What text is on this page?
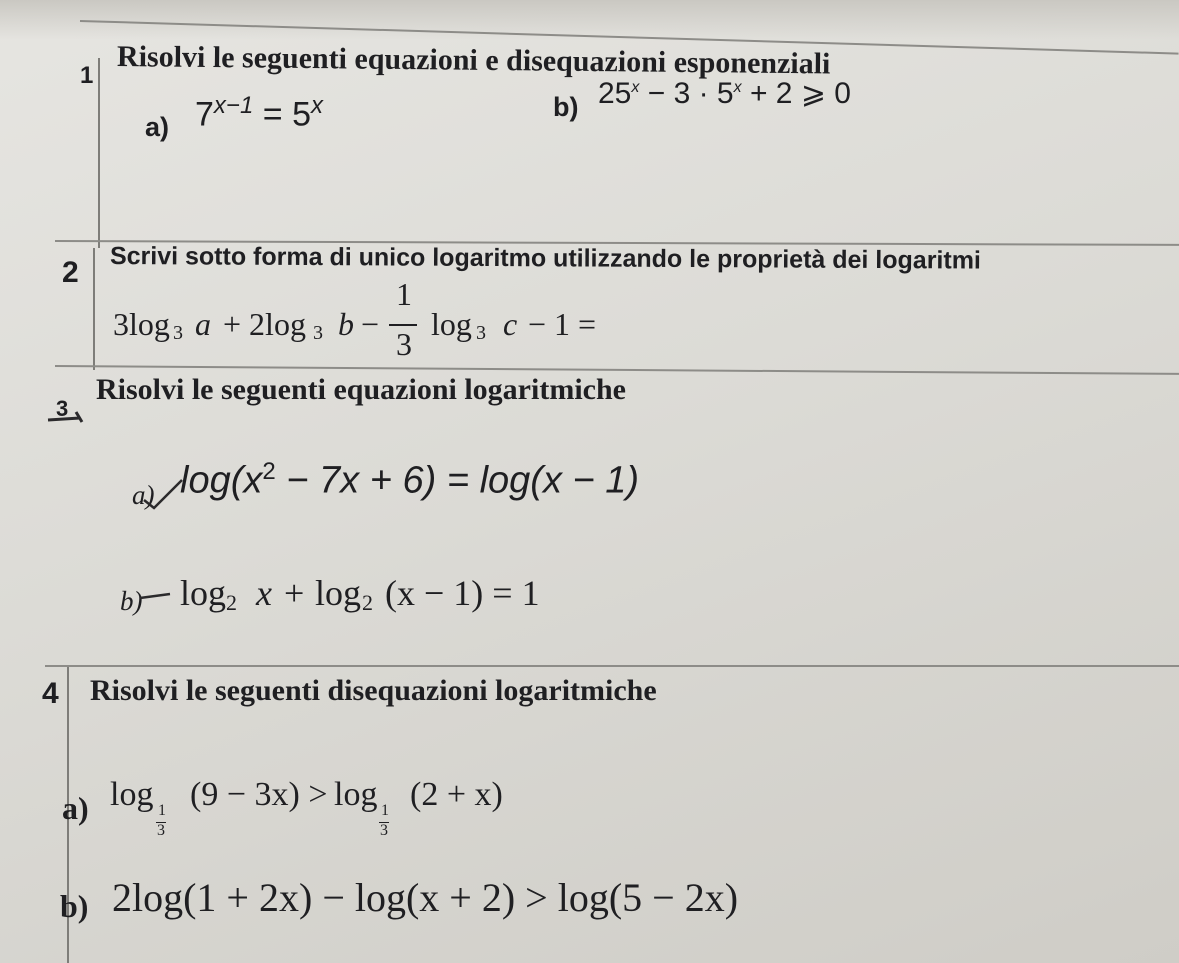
1 Risolvi le seguenti equazioni e disequazioni esponenziali
a) $7^{x-1} = 5^x$	b) $25^x - 3 \cdot 5^x + 2$ ⩾ 0
2 Scrivi sotto forma di unico logaritmo utilizzando le proprietà dei logaritmi
3log 3 a + 2log 3 b −
1
3
log 3 c − 1 =
3
Risolvi le seguenti equazioni logaritmiche
a) $\log(x^2 - 7x + 6) = \log(x - 1)$
b) log 2 x + log 2 (x − 1) = 1
4 Risolvi le seguenti disequazioni logaritmiche
a) log 1
3
(9 − 3x) > log 1
3
(2 + x)
b) 2log(1 + 2x) − log(x + 2) > log(5 − 2x)
